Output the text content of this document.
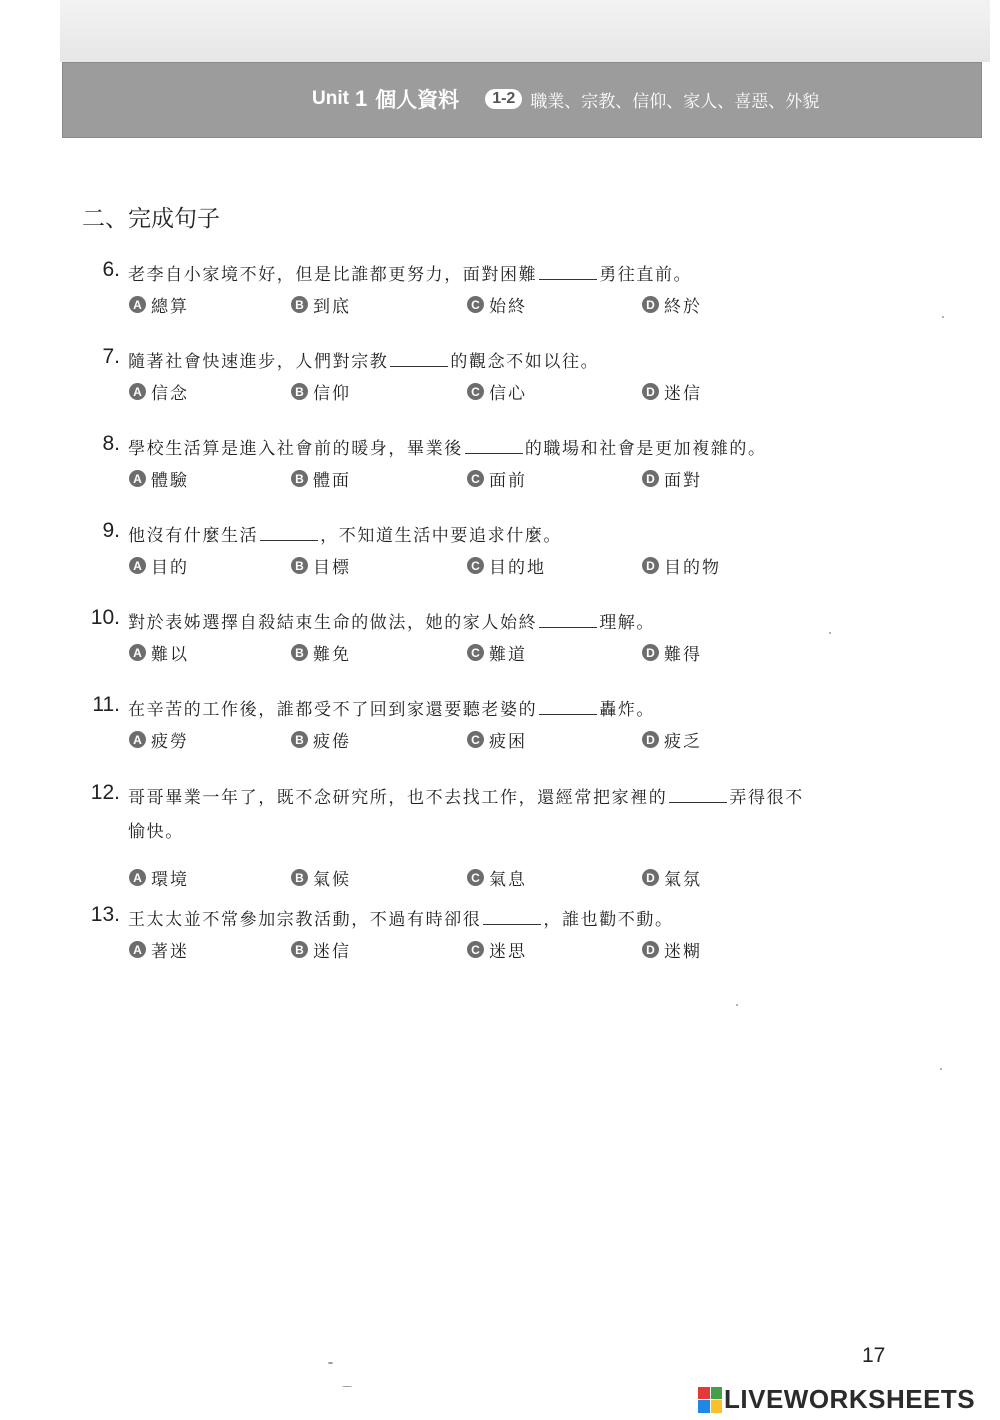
Unit 1 個人資料	1-2 職業、宗教、信仰、家人、喜惡、外貌
二、完成句子
6. 老李自小家境不好，但是比誰都更努力，面對困難	勇往直前。
A 總算	B 到底	C 始終	D 終於
7. 隨著社會快速進步，人們對宗教	的觀念不如以往。
A 信念	B 信仰	C 信心	D 迷信
8. 學校生活算是進入社會前的暖身，畢業後	的職場和社會是更加複雜的。
A 體驗	B 體面	C 面前	D 面對
9. 他沒有什麼生活	，不知道生活中要追求什麼。
A 目的	B 目標	C 目的地	D 目的物
10. 對於表姊選擇自殺結束生命的做法，她的家人始終	理解。
A 難以	B 難免	C 難道	D 難得
11. 在辛苦的工作後，誰都受不了回到家還要聽老婆的	轟炸。
A 疲勞	B 疲倦	C 疲困	D 疲乏
12. 哥哥畢業一年了，既不念研究所，也不去找工作，還經常把家裡的	弄得很不
愉快。
A 環境	B 氣候	C 氣息	D 氣氛
13. 王太太並不常參加宗教活動，不過有時卻很	，誰也勸不動。
A 著迷	B 迷信	C 迷思	D 迷糊
17
LIVEWORKSHEETS
